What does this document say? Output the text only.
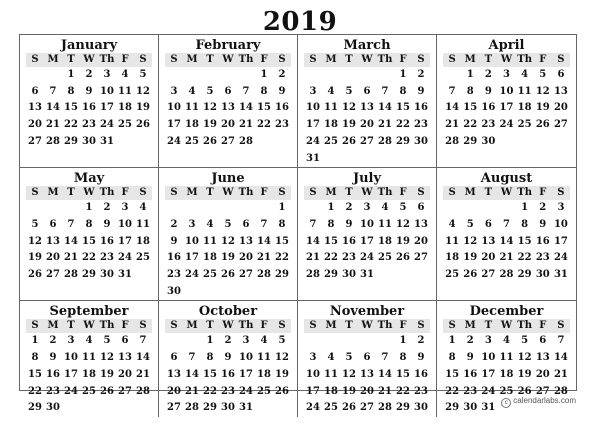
2019
January
S	M	T	W	Th	F	S
		1	2	3	4	5
6	7	8	9	10	11	12
13	14	15	16	17	18	19
20	21	22	23	24	25	26
27	28	29	30	31		
February
S	M	T	W	Th	F	S
					1	2
3	4	5	6	7	8	9
10	11	12	13	14	15	16
17	18	19	20	21	22	23
24	25	26	27	28		
March
S	M	T	W	Th	F	S
					1	2
3	4	5	6	7	8	9
10	11	12	13	14	15	16
17	18	19	20	21	22	23
24	25	26	27	28	29	30
31						
April
S	M	T	W	Th	F	S
	1	2	3	4	5	6
7	8	9	10	11	12	13
14	15	16	17	18	19	20
21	22	23	24	25	26	27
28	29	30				
May
S	M	T	W	Th	F	S
			1	2	3	4
5	6	7	8	9	10	11
12	13	14	15	16	17	18
19	20	21	22	23	24	25
26	27	28	29	30	31	
June
S	M	T	W	Th	F	S
						1
2	3	4	5	6	7	8
9	10	11	12	13	14	15
16	17	18	19	20	21	22
23	24	25	26	27	28	29
30						
July
S	M	T	W	Th	F	S
	1	2	3	4	5	6
7	8	9	10	11	12	13
14	15	16	17	18	19	20
21	22	23	24	25	26	27
28	29	30	31			
August
S	M	T	W	Th	F	S
				1	2	3
4	5	6	7	8	9	10
11	12	13	14	15	16	17
18	19	20	21	22	23	24
25	26	27	28	29	30	31
September
S	M	T	W	Th	F	S
1	2	3	4	5	6	7
8	9	10	11	12	13	14
15	16	17	18	19	20	21
22	23	24	25	26	27	28
29	30					
October
S	M	T	W	Th	F	S
		1	2	3	4	5
6	7	8	9	10	11	12
13	14	15	16	17	18	19
20	21	22	23	24	25	26
27	28	29	30	31		
November
S	M	T	W	Th	F	S
					1	2
3	4	5	6	7	8	9
10	11	12	13	14	15	16
17	18	19	20	21	22	23
24	25	26	27	28	29	30
December
S	M	T	W	Th	F	S
1	2	3	4	5	6	7
8	9	10	11	12	13	14
15	16	17	18	19	20	21
22	23	24	25	26	27	28
29	30	31					c calendarlabs.com
